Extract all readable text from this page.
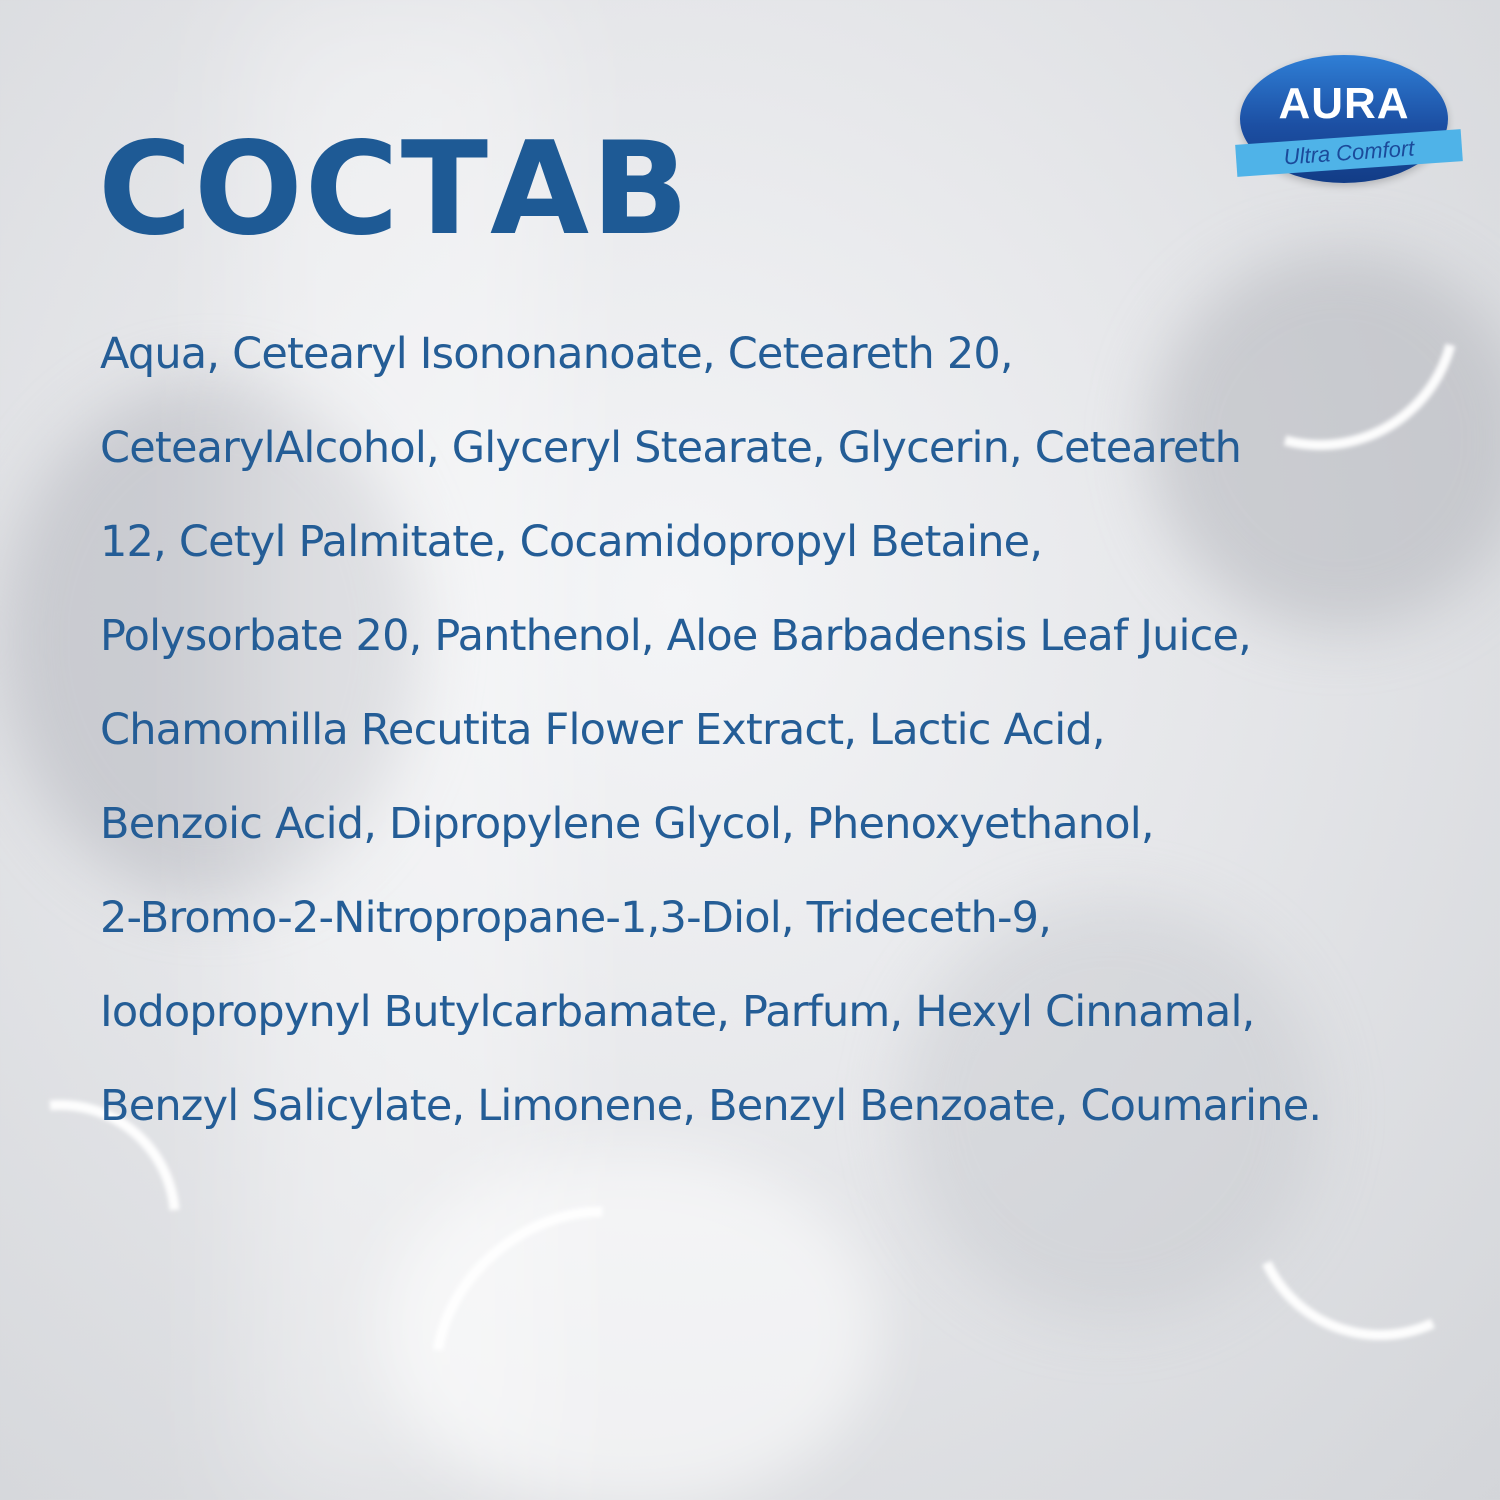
AURA
Ultra Comfort
СОСТАВ
Aqua, Cetearyl Isononanoate, Ceteareth 20,
CetearylAlcohol, Glyceryl Stearate, Glycerin, Ceteareth
12, Cetyl Palmitate, Cocamidopropyl Betaine,
Polysorbate 20, Panthenol, Aloe Barbadensis Leaf Juice,
Chamomilla Recutita Flower Extract, Lactic Acid,
Benzoic Acid, Dipropylene Glycol, Phenoxyethanol,
2-Bromo-2-Nitropropane-1,3-Diol, Trideceth-9,
Iodopropynyl Butylcarbamate, Parfum, Hexyl Cinnamal,
Benzyl Salicylate, Limonene, Benzyl Benzoate, Coumarine.
